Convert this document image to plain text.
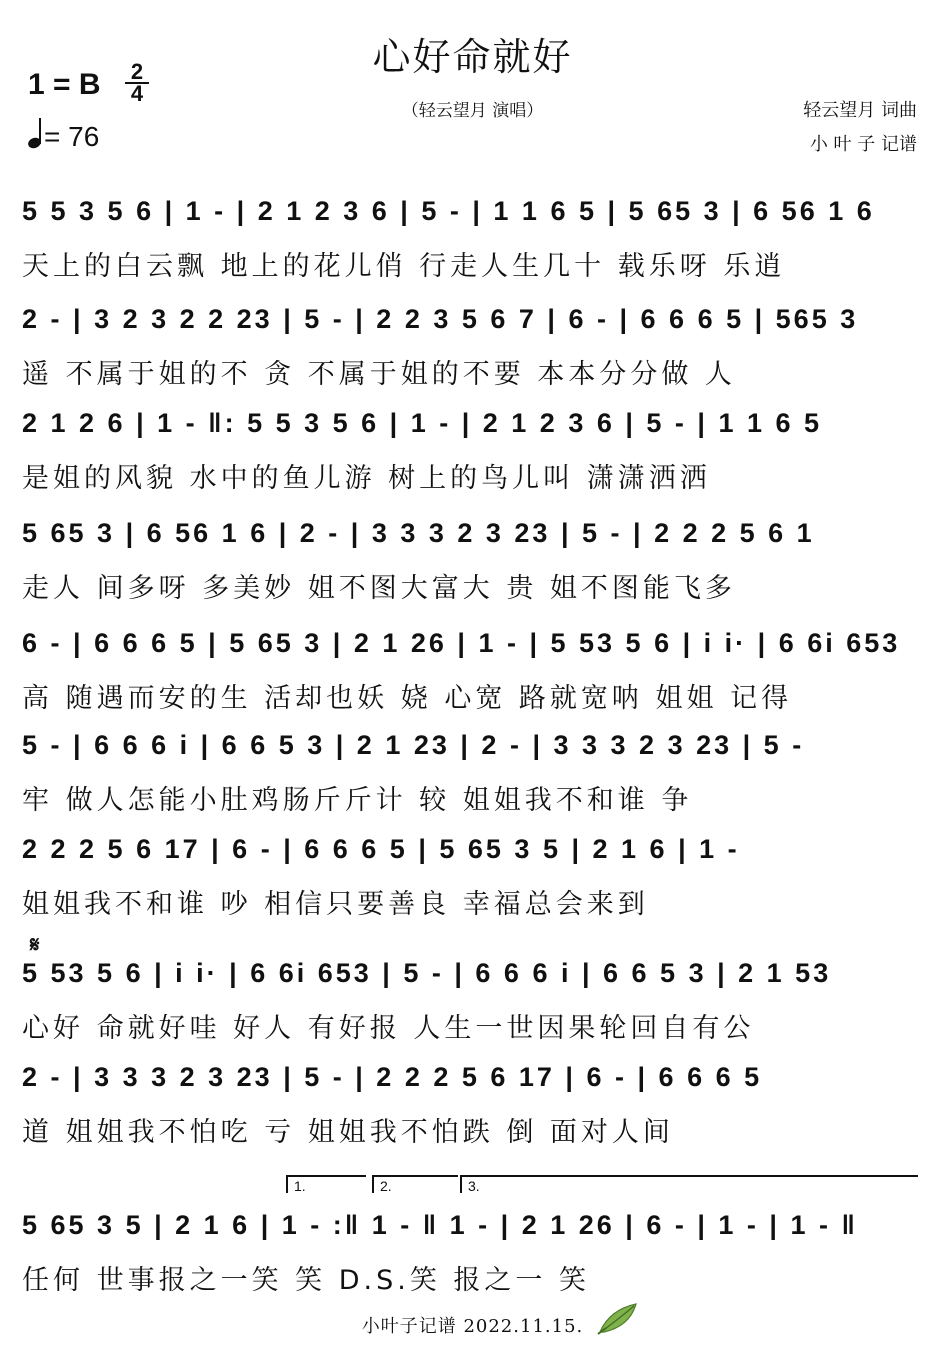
心好命就好
（轻云望月 演唱）
1 = B 2
4
= 76
轻云望月 词曲
小 叶 子 记谱
5 5 3 5 6 | 1 - | 2 1 2 3 6 | 5 - | 1 1 6 5 | 5 65 3 | 6 56 1 6
天上的白云飘 地上的花儿俏 行走人生几十 载乐呀 乐逍
2 - | 3 2 3 2 2 23 | 5 - | 2 2 3 5 6 7 | 6 - | 6 6 6 5 | 565 3
遥 不属于姐的不 贪 不属于姐的不要 本本分分做 人
2 1 2 6 | 1 - ‖: 5 5 3 5 6 | 1 - | 2 1 2 3 6 | 5 - | 1 1 6 5
是姐的风貌 水中的鱼儿游 树上的鸟儿叫 潇潇洒洒
5 65 3 | 6 56 1 6 | 2 - | 3 3 3 2 3 23 | 5 - | 2 2 2 5 6 1
走人 间多呀 多美妙 姐不图大富大 贵 姐不图能飞多
6 - | 6 6 6 5 | 5 65 3 | 2 1 26 | 1 - | 5 53 5 6 | i i· | 6 6i 653
高 随遇而安的生 活却也妖 娆 心宽 路就宽呐 姐姐 记得
5 - | 6 6 6 i | 6 6 5 3 | 2 1 23 | 2 - | 3 3 3 2 3 23 | 5 -
牢 做人怎能小肚鸡肠斤斤计 较 姐姐我不和谁 争
2 2 2 5 6 17 | 6 - | 6 6 6 5 | 5 65 3 5 | 2 1 6 | 1 -
姐姐我不和谁 吵 相信只要善良 幸福总会来到
𝄋
5 53 5 6 | i i· | 6 6i 653 | 5 - | 6 6 6 i | 6 6 5 3 | 2 1 53
心好 命就好哇 好人 有好报 人生一世因果轮回自有公
2 - | 3 3 3 2 3 23 | 5 - | 2 2 2 5 6 17 | 6 - | 6 6 6 5
道 姐姐我不怕吃 亏 姐姐我不怕跌 倒 面对人间
1.	2.	3.
5 65 3 5 | 2 1 6 | 1 - :‖ 1 - ‖ 1 - | 2 1 26 | 6 - | 1 - | 1 - ‖
任何 世事报之一笑 笑 D.S.笑 报之一 笑
小叶子记谱 2022.11.15.
